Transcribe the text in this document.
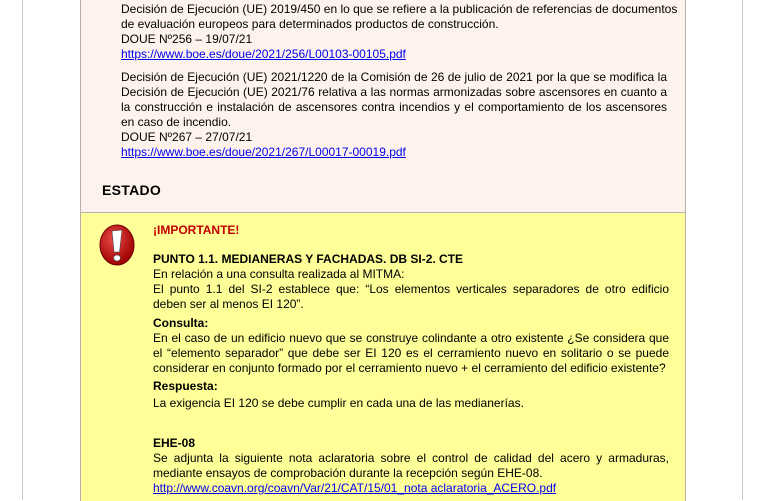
Decisión de Ejecución (UE) 2019/450 en lo que se refiere a la publicación de referencias de documentos

de evaluación europeos para determinados productos de construcción.

DOUE Nº256 – 19/07/21

https://www.boe.es/doue/2021/256/L00103-00105.pdf

Decisión de Ejecución (UE) 2021/1220 de la Comisión de 26 de julio de 2021 por la que se modifica la Decisión de Ejecución (UE) 2021/76 relativa a las normas armonizadas sobre ascensores en cuanto a la construcción e instalación de ascensores contra incendios y el comportamiento de los ascensores en caso de incendio.

DOUE Nº267 – 27/07/21

https://www.boe.es/doue/2021/267/L00017-00019.pdf

ESTADO

¡IMPORTANTE!

PUNTO 1.1. MEDIANERAS Y FACHADAS. DB SI-2. CTE

En relación a una consulta realizada al MITMA:

El punto 1.1 del SI-2 establece que: “Los elementos verticales separadores de otro edificio deben ser al menos EI 120”.

Consulta:

En el caso de un edificio nuevo que se construye colindante a otro existente ¿Se considera que el “elemento separador” que debe ser EI 120 es el cerramiento nuevo en solitario o se puede considerar en conjunto formado por el cerramiento nuevo + el cerramiento del edificio existente?

Respuesta:

La exigencia EI 120 se debe cumplir en cada una de las medianerías.

EHE-08

Se adjunta la siguiente nota aclaratoria sobre el control de calidad del acero y armaduras, mediante ensayos de comprobación durante la recepción según EHE-08.

http://www.coavn.org/coavn/Var/21/CAT/15/01_nota aclaratoria_ACERO.pdf
